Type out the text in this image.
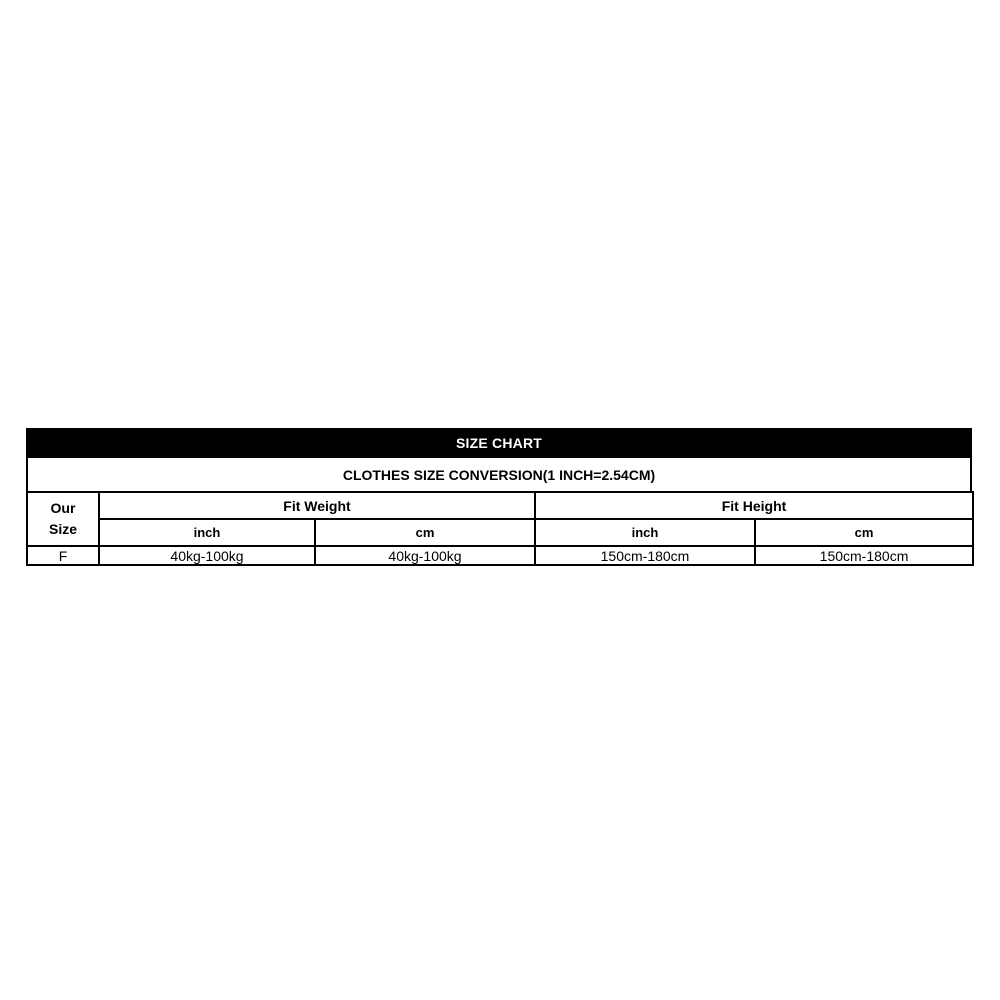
SIZE CHART
CLOTHES SIZE CONVERSION(1 INCH=2.54CM)
Our
Size	Fit Weight		Fit Height	
	inch	cm	inch	cm
F	40kg-100kg	40kg-100kg	150cm-180cm	150cm-180cm
